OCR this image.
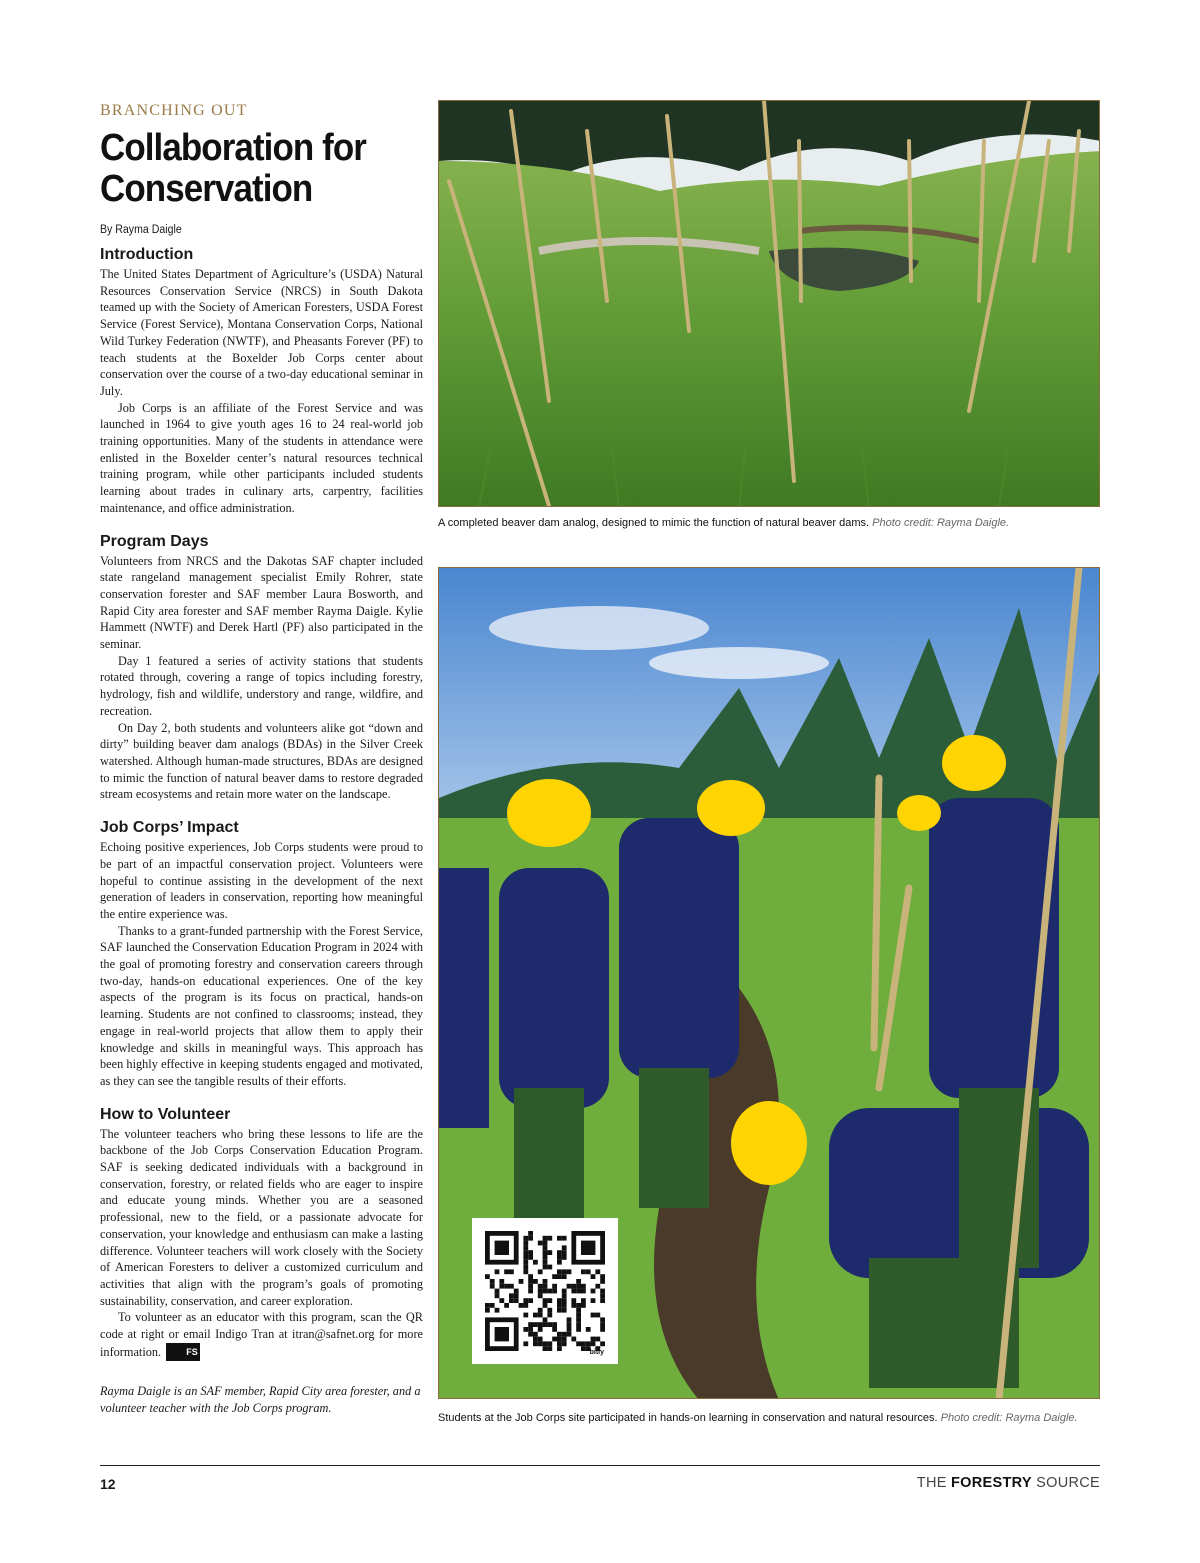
BRANCHING OUT
Collaboration for Conservation
By Rayma Daigle
Introduction

The United States Department of Agriculture’s (USDA) Natural Resources Conservation Service (NRCS) in South Dakota teamed up with the Society of American Foresters, USDA Forest Service (Forest Service), Montana Conservation Corps, National Wild Turkey Federation (NWTF), and Pheasants Forever (PF) to teach students at the Boxelder Job Corps center about conservation over the course of a two-day educational seminar in July.

Job Corps is an affiliate of the Forest Service and was launched in 1964 to give youth ages 16 to 24 real-world job training opportunities. Many of the students in attendance were enlisted in the Boxelder center’s natural resources technical training program, while other participants included students learning about trades in culinary arts, carpentry, facilities maintenance, and office administration.

Program Days

Volunteers from NRCS and the Dakotas SAF chapter included state rangeland management specialist Emily Rohrer, state conservation forester and SAF member Laura Bosworth, and Rapid City area forester and SAF member Rayma Daigle. Kylie Hammett (NWTF) and Derek Hartl (PF) also participated in the seminar.

Day 1 featured a series of activity stations that students rotated through, covering a range of topics including forestry, hydrology, fish and wildlife, understory and range, wildfire, and recreation.

On Day 2, both students and volunteers alike got “down and dirty” building beaver dam analogs (BDAs) in the Silver Creek watershed. Although human-made structures, BDAs are designed to mimic the function of natural beaver dams to restore degraded stream ecosystems and retain more water on the landscape.

Job Corps’ Impact

Echoing positive experiences, Job Corps students were proud to be part of an impactful conservation project. Volunteers were hopeful to continue assisting in the development of the next generation of leaders in conservation, reporting how meaningful the entire experience was.

Thanks to a grant-funded partnership with the Forest Service, SAF launched the Conservation Education Program in 2024 with the goal of promoting forestry and conservation careers through two-day, hands-on educational experiences. One of the key aspects of the program is its focus on practical, hands-on learning. Students are not confined to classrooms; instead, they engage in real-world projects that allow them to apply their knowledge and skills in meaningful ways. This approach has been highly effective in keeping students engaged and motivated, as they can see the tangible results of their efforts.

How to Volunteer

The volunteer teachers who bring these lessons to life are the backbone of the Job Corps Conservation Education Program. SAF is seeking dedicated individuals with a background in conservation, forestry, or related fields who are eager to inspire and educate young minds. Whether you are a seasoned professional, new to the field, or a passionate advocate for conservation, your knowledge and enthusiasm can make a lasting difference. Volunteer teachers will work closely with the Society of American Foresters to deliver a customized curriculum and activities that align with the program’s goals of promoting sustainability, conservation, and career exploration.

To volunteer as an educator with this program, scan the QR code at right or email Indigo Tran at itran@safnet.org for more information.	FS

Rayma Daigle is an SAF member, Rapid City area forester, and a volunteer teacher with the Job Corps program.
A completed beaver dam analog, designed to mimic the function of natural beaver dams. Photo credit: Rayma Daigle.
bitly
Students at the Job Corps site participated in hands-on learning in conservation and natural resources. Photo credit: Rayma Daigle.
12	THE FORESTRY SOURCE
